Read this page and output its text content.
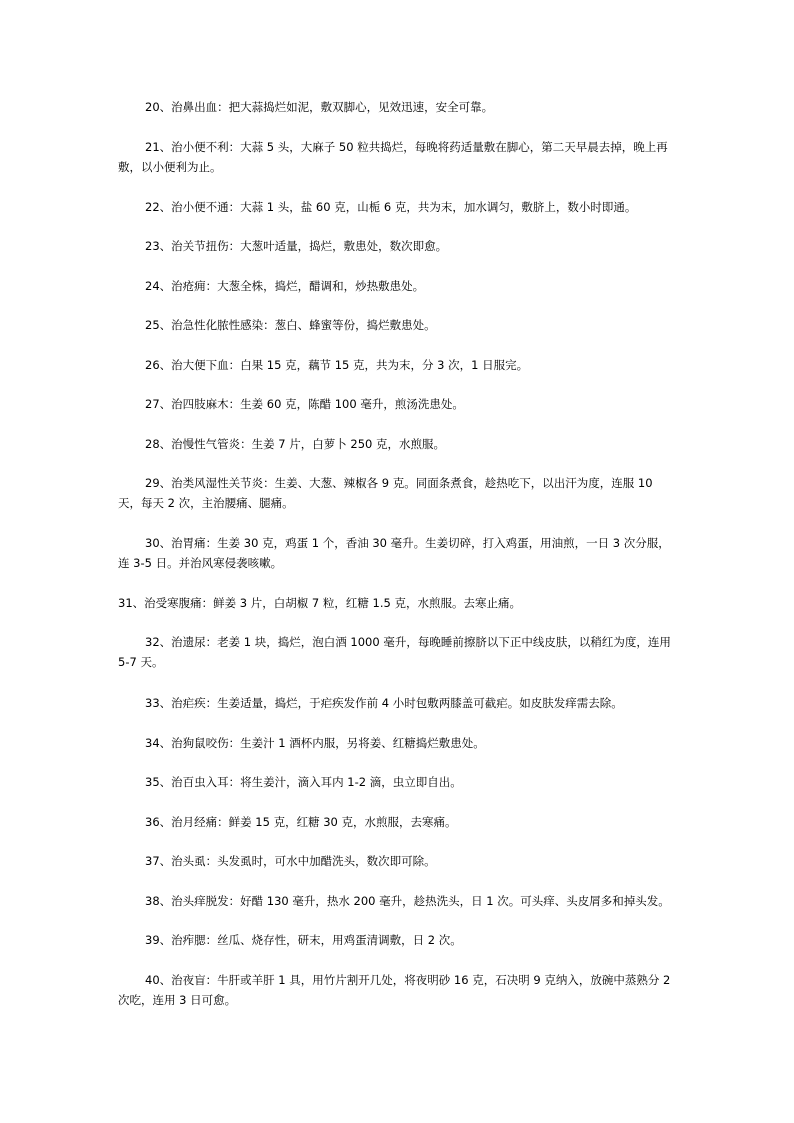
20、治鼻出血：把大蒜捣烂如泥，敷双脚心，见效迅速，安全可靠。

21、治小便不利：大蒜 5 头，大麻子 50 粒共捣烂，每晚将药适量敷在脚心，第二天早晨去掉，晚上再敷，以小便利为止。

22、治小便不通：大蒜 1 头，盐 60 克，山栀 6 克，共为末，加水调匀，敷脐上，数小时即通。

23、治关节扭伤：大葱叶适量，捣烂，敷患处，数次即愈。

24、治疮痈：大葱全株，捣烂，醋调和，炒热敷患处。

25、治急性化脓性感染：葱白、蜂蜜等份，捣烂敷患处。

26、治大便下血：白果 15 克，藕节 15 克，共为末，分 3 次，1 日服完。

27、治四肢麻木：生姜 60 克，陈醋 100 毫升，煎汤洗患处。

28、治慢性气管炎：生姜 7 片，白萝卜 250 克，水煎服。

29、治类风湿性关节炎：生姜、大葱、辣椒各 9 克。同面条煮食，趁热吃下，以出汗为度，连服 10 天，每天 2 次，主治腰痛、腿痛。

30、治胃痛：生姜 30 克，鸡蛋 1 个，香油 30 毫升。生姜切碎，打入鸡蛋，用油煎，一日 3 次分服，连 3-5 日。并治风寒侵袭咳嗽。

31、治受寒腹痛：鲜姜 3 片，白胡椒 7 粒，红糖 1.5 克，水煎服。去寒止痛。

32、治遗尿：老姜 1 块，捣烂，泡白酒 1000 毫升，每晚睡前擦脐以下正中线皮肤，以稍红为度，连用 5-7 天。

33、治疟疾：生姜适量，捣烂，于疟疾发作前 4 小时包敷两膝盖可截疟。如皮肤发痒需去除。

34、治狗鼠咬伤：生姜汁 1 酒杯内服，另将姜、红糖捣烂敷患处。

35、治百虫入耳：将生姜汁，滴入耳内 1-2 滴，虫立即自出。

36、治月经痛：鲜姜 15 克，红糖 30 克，水煎服，去寒痛。

37、治头虱：头发虱时，可水中加醋洗头，数次即可除。

38、治头痒脱发：好醋 130 毫升，热水 200 毫升，趁热洗头，日 1 次。可头痒、头皮屑多和掉头发。

39、治痄腮：丝瓜、烧存性，研末，用鸡蛋清调敷，日 2 次。

40、治夜盲：牛肝或羊肝 1 具，用竹片割开几处，将夜明砂 16 克，石决明 9 克纳入，放碗中蒸熟分 2 次吃，连用 3 日可愈。
